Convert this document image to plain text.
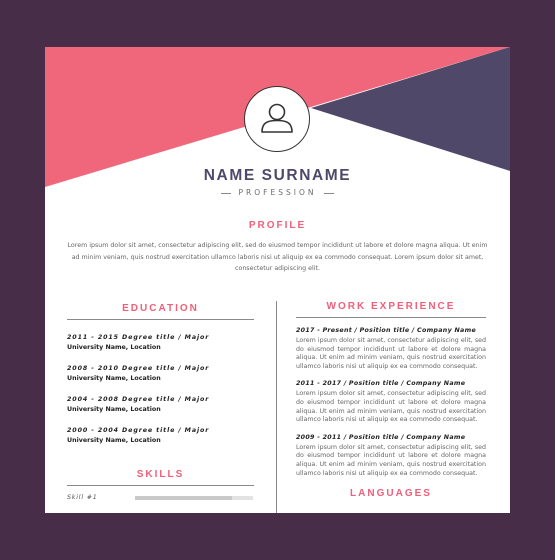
NAME SURNAME
PROFESSION
PROFILE
Lorem ipsum dolor sit amet, consectetur adipiscing elit, sed do eiusmod tempor incididunt ut labore et dolore magna aliqua. Ut enim ad minim veniam, quis nostrud exercitation ullamco laboris nisi ut aliquip ex ea commodo consequat. Lorem ipsum dolor sit amet, consectetur adipiscing elit.
EDUCATION
2011 - 2015 Degree title / Major
University Name, Location
2008 - 2010 Degree title / Major
University Name, Location
2004 - 2008 Degree title / Major
University Name, Location
2000 - 2004 Degree title / Major
University Name, Location
SKILLS
Skill #1
WORK EXPERIENCE
2017 - Present / Position title / Company Name
Lorem ipsum dolor sit amet, consectetur adipiscing elit, sed do eiusmod tempor incididunt ut labore et dolore magna aliqua. Ut enim ad minim veniam, quis nostrud exercitation ullamco laboris nisi ut aliquip ex ea commodo consequat.
2011 - 2017 / Position title / Company Name
Lorem ipsum dolor sit amet, consectetur adipiscing elit, sed do eiusmod tempor incididunt ut labore et dolore magna aliqua. Ut enim ad minim veniam, quis nostrud exercitation ullamco laboris nisi ut aliquip ex ea commodo consequat.
2009 - 2011 / Position title / Company Name
Lorem ipsum dolor sit amet, consectetur adipiscing elit, sed do eiusmod tempor incididunt ut labore et dolore magna aliqua. Ut enim ad minim veniam, quis nostrud exercitation ullamco laboris nisi ut aliquip ex ea commodo consequat.
LANGUAGES
